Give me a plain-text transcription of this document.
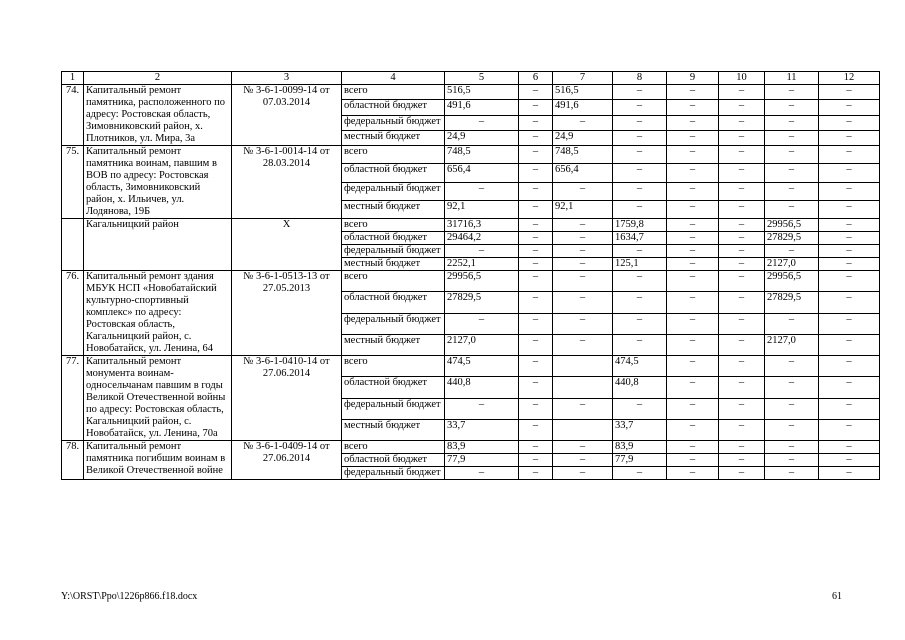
1	2	3	4	5	6	7	8	9	10	11	12
74.	Капитальный ремонт памятника, расположенного по адресу: Ростовская область, Зимовниковский район, х. Плотников, ул. Мира, 3а	№ 3-6-1-0099-14 от 07.03.2014	всего	516,5	–	516,5	–	–	–	–	–
			областной бюджет	491,6	–	491,6	–	–	–	–	–
			федеральный бюджет	–	–	–	–	–	–	–	–
			местный бюджет	24,9	–	24,9	–	–	–	–	–
75.	Капитальный ремонт памятника воинам, павшим в ВОВ по адресу: Ростовская область, Зимовниковский район, х. Ильичев, ул. Лодянова, 19Б	№ 3-6-1-0014-14 от 28.03.2014	всего	748,5	–	748,5	–	–	–	–	–
			областной бюджет	656,4	–	656,4	–	–	–	–	–
			федеральный бюджет	–	–	–	–	–	–	–	–
			местный бюджет	92,1	–	92,1	–	–	–	–	–
	Кагальницкий район	Х	всего	31716,3	–	–	1759,8	–	–	29956,5	–
			областной бюджет	29464,2	–	–	1634,7	–	–	27829,5	–
			федеральный бюджет	–	–	–	–	–	–	–	–
			местный бюджет	2252,1	–	–	125,1	–	–	2127,0	–
76.	Капитальный ремонт здания МБУК НСП «Новобатайский культурно-спортивный комплекс» по адресу: Ростовская область, Кагальницкий район, с. Новобатайск, ул. Ленина, 64	№ 3-6-1-0513-13 от 27.05.2013	всего	29956,5	–	–	–	–	–	29956,5	–
			областной бюджет	27829,5	–	–	–	–	–	27829,5	–
			федеральный бюджет	–	–	–	–	–	–	–	–
			местный бюджет	2127,0	–	–	–	–	–	2127,0	–
77.	Капитальный ремонт монумента воинам-односельчанам павшим в годы Великой Отечественной войны по адресу: Ростовская область, Кагальницкий район, с. Новобатайск, ул. Ленина, 70а	№ 3-6-1-0410-14 от 27.06.2014	всего	474,5	–		474,5	–	–	–	–
			областной бюджет	440,8	–		440,8	–	–	–	–
			федеральный бюджет	–	–	–	–	–	–	–	–
			местный бюджет	33,7	–		33,7	–	–	–	–
78.	Капитальный ремонт памятника погибшим воинам в Великой Отечественной войне	№ 3-6-1-0409-14 от 27.06.2014	всего	83,9	–	–	83,9	–	–	–	–
			областной бюджет	77,9	–	–	77,9	–	–	–	–
			федеральный бюджет	–	–	–	–	–	–	–	–
Y:\ORST\Ppo\1226p866.f18.docx	61
